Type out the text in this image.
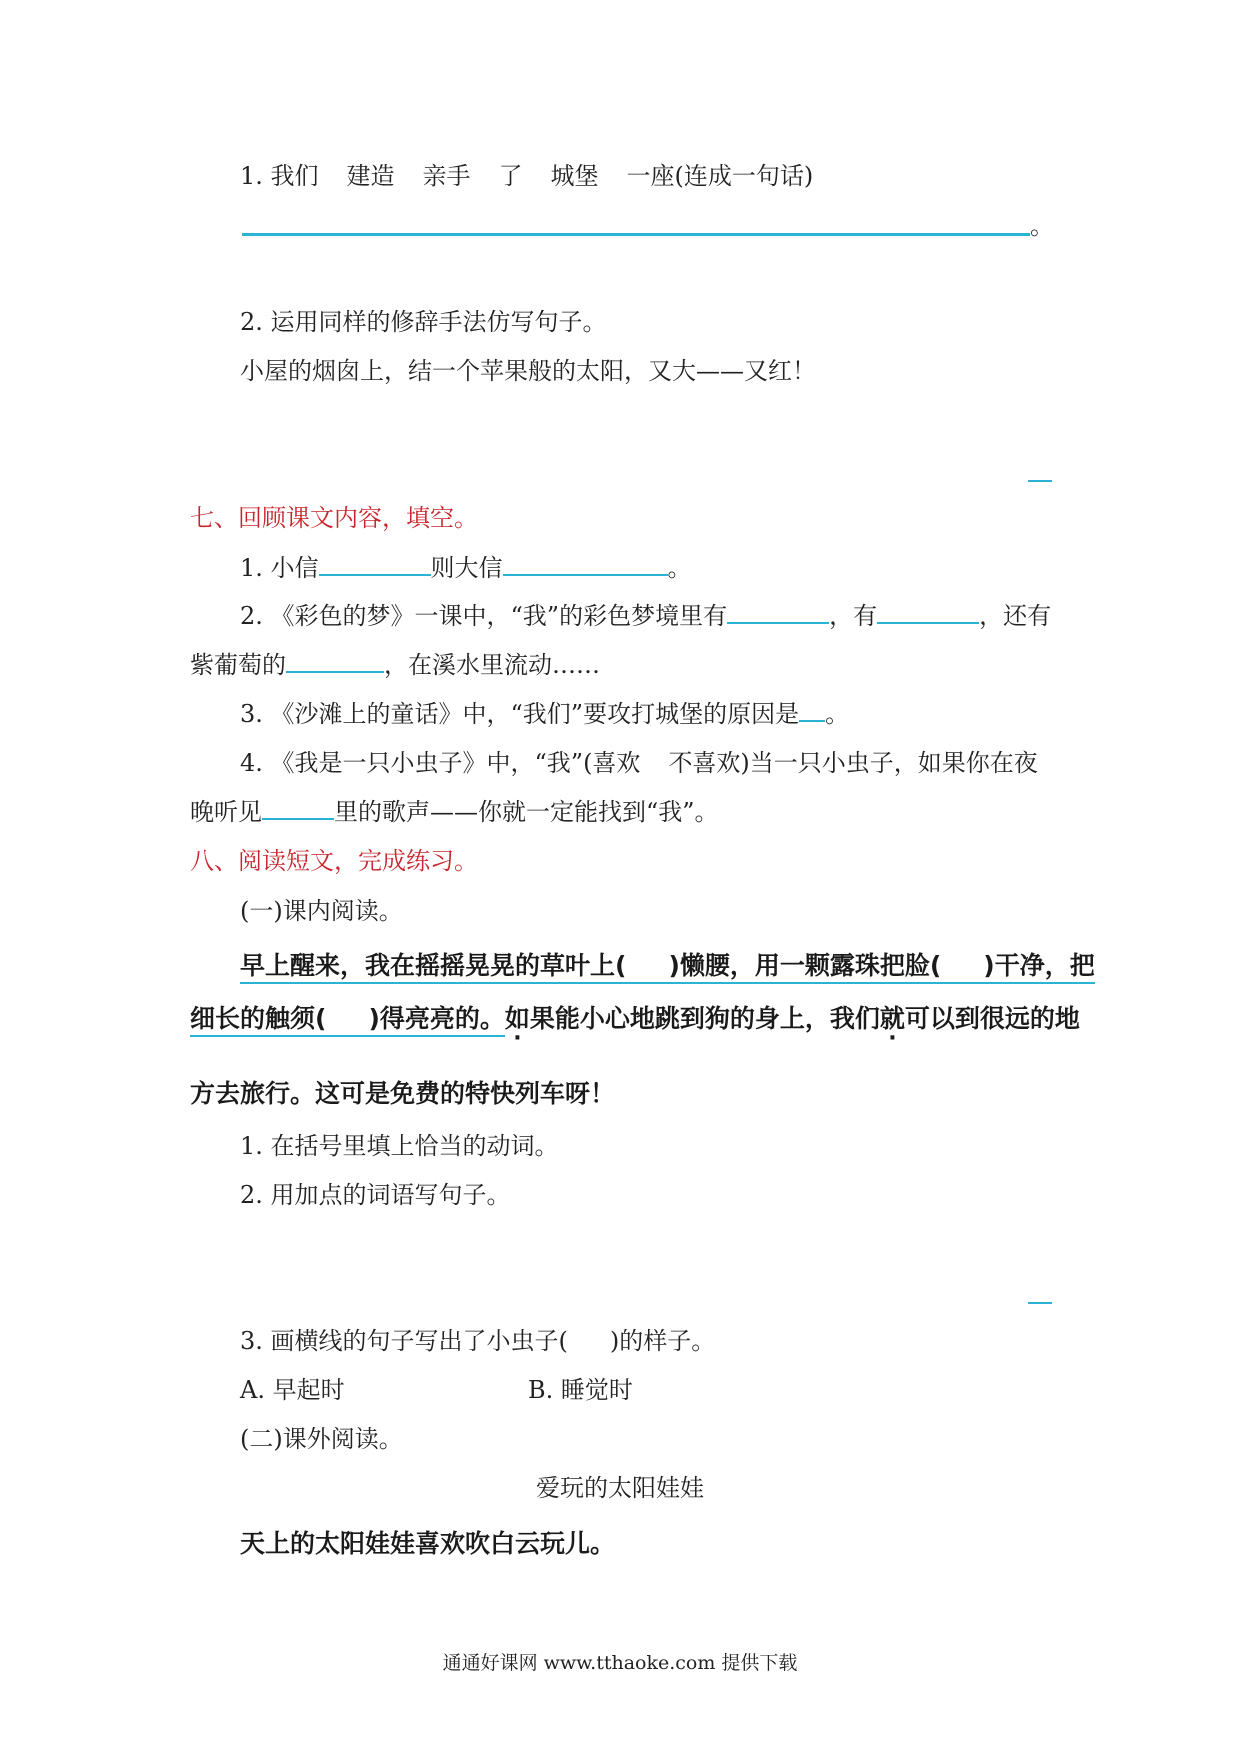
1. 我们 建造 亲手 了 城堡 一座(连成一句话)
。
2. 运用同样的修辞手法仿写句子。
小屋的烟囱上，结一个苹果般的太阳，又大——又红！
七、回顾课文内容，填空。
1. 小信	则大信	。
2. 《彩色的梦》一课中，“我”的彩色梦境里有	，有	，还有
紫葡萄的	，在溪水里流动……
3. 《沙滩上的童话》中，“我们”要攻打城堡的原因是 。
4. 《我是一只小虫子》中，“我”(喜欢 不喜欢)当一只小虫子，如果你在夜
晚听见	里的歌声——你就一定能找到“我”。
八、阅读短文，完成练习。
(一)课内阅读。
早上醒来，我在摇摇晃晃的草叶上( )懒腰，用一颗露珠把脸( )干净，把
细长的触须( )得亮亮的。如果能小心地跳到狗的身上，我们就可以到很远的地
方去旅行。这可是免费的特快列车呀！
1. 在括号里填上恰当的动词。
2. 用加点的词语写句子。
3. 画横线的句子写出了小虫子( )的样子。
A. 早起时	B. 睡觉时
(二)课外阅读。
爱玩的太阳娃娃
天上的太阳娃娃喜欢吹白云玩儿。
通通好课网 www.tthaoke.com 提供下载
